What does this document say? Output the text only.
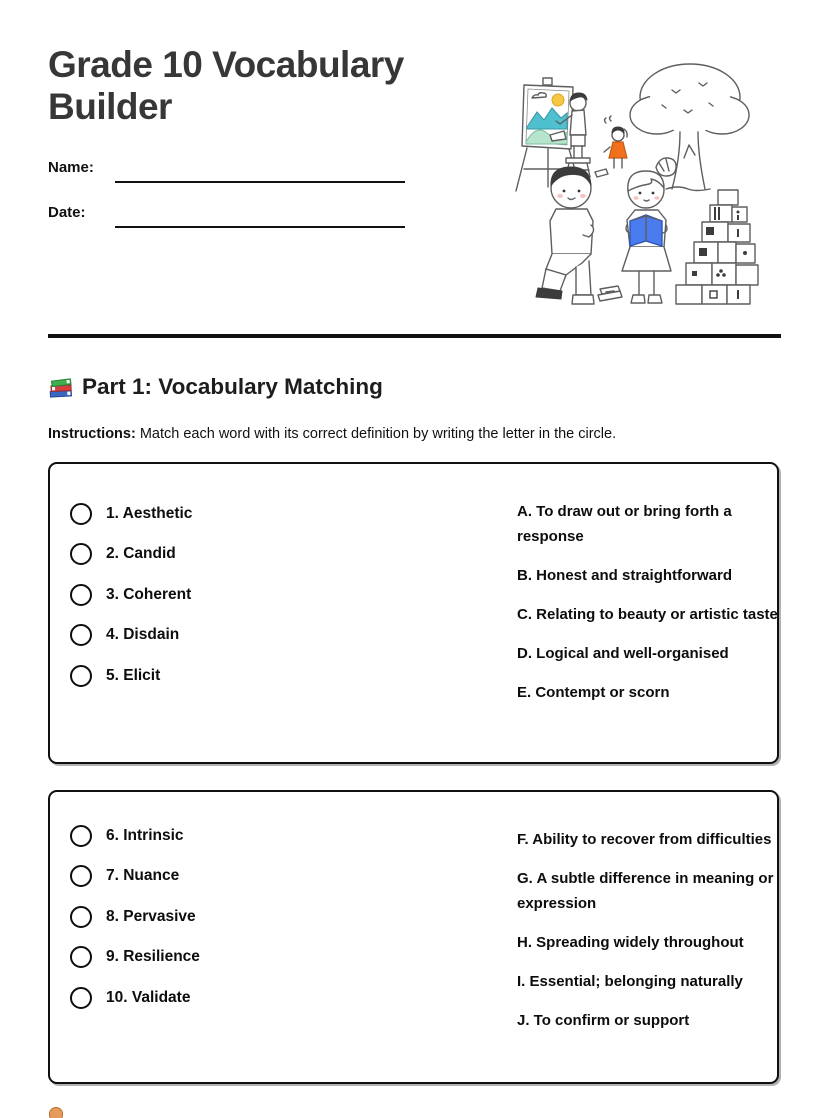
Grade 10 Vocabulary Builder
Name:
Date:
Part 1: Vocabulary Matching

Instructions: Match each word with its correct definition by writing the letter in the circle.

1. Aesthetic
2. Candid
3. Coherent
4. Disdain
5. Elicit

A. To draw out or bring forth a response

B. Honest and straightforward

C. Relating to beauty or artistic taste

D. Logical and well-organised

E. Contempt or scorn

6. Intrinsic
7. Nuance
8. Pervasive
9. Resilience
10. Validate

F. Ability to recover from difficulties

G. A subtle difference in meaning or expression

H. Spreading widely throughout

I. Essential; belonging naturally

J. To confirm or support
